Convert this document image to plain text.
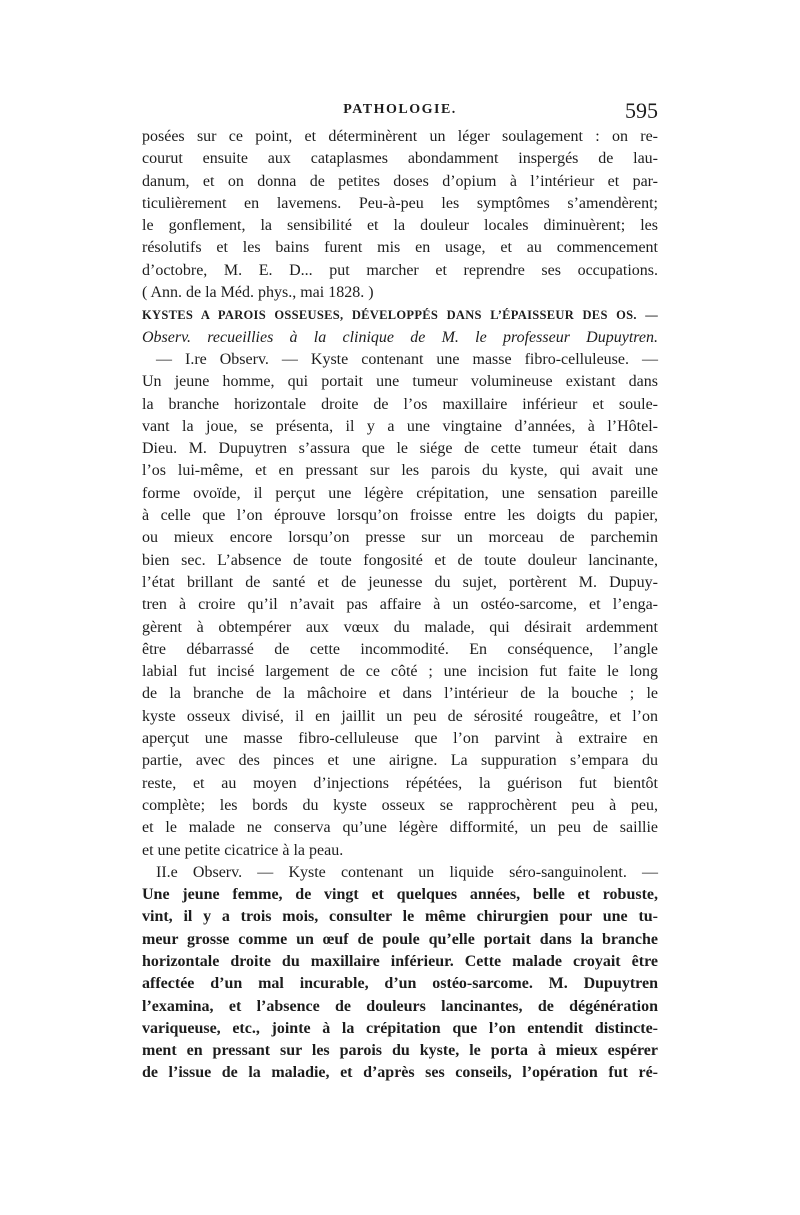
PATHOLOGIE.	595
posées sur ce point, et déterminèrent un léger soulagement : on re-
courut ensuite aux cataplasmes abondamment inspergés de lau-
danum, et on donna de petites doses d’opium à l’intérieur et par-
ticulièrement en lavemens. Peu-à-peu les symptômes s’amendèrent;
le gonflement, la sensibilité et la douleur locales diminuèrent; les
résolutifs et les bains furent mis en usage, et au commencement
d’octobre, M. E. D... put marcher et reprendre ses occupations.
( Ann. de la Méd. phys., mai 1828. )
KYSTES A PAROIS OSSEUSES, DÉVELOPPÉS DANS L’ÉPAISSEUR DES OS. —
Observ. recueillies à la clinique de M. le professeur Dupuytren.
— I.re Observ. — Kyste contenant une masse fibro-celluleuse. —
Un jeune homme, qui portait une tumeur volumineuse existant dans
la branche horizontale droite de l’os maxillaire inférieur et soule-
vant la joue, se présenta, il y a une vingtaine d’années, à l’Hôtel-
Dieu. M. Dupuytren s’assura que le siége de cette tumeur était dans
l’os lui-même, et en pressant sur les parois du kyste, qui avait une
forme ovoïde, il perçut une légère crépitation, une sensation pareille
à celle que l’on éprouve lorsqu’on froisse entre les doigts du papier,
ou mieux encore lorsqu’on presse sur un morceau de parchemin
bien sec. L’absence de toute fongosité et de toute douleur lancinante,
l’état brillant de santé et de jeunesse du sujet, portèrent M. Dupuy-
tren à croire qu’il n’avait pas affaire à un ostéo-sarcome, et l’enga-
gèrent à obtempérer aux vœux du malade, qui désirait ardemment
être débarrassé de cette incommodité. En conséquence, l’angle
labial fut incisé largement de ce côté ; une incision fut faite le long
de la branche de la mâchoire et dans l’intérieur de la bouche ; le
kyste osseux divisé, il en jaillit un peu de sérosité rougeâtre, et l’on
aperçut une masse fibro-celluleuse que l’on parvint à extraire en
partie, avec des pinces et une airigne. La suppuration s’empara du
reste, et au moyen d’injections répétées, la guérison fut bientôt
complète; les bords du kyste osseux se rapprochèrent peu à peu,
et le malade ne conserva qu’une légère difformité, un peu de saillie
et une petite cicatrice à la peau.
II.e Observ. — Kyste contenant un liquide séro-sanguinolent. —
Une jeune femme, de vingt et quelques années, belle et robuste,
vint, il y a trois mois, consulter le même chirurgien pour une tu-
meur grosse comme un œuf de poule qu’elle portait dans la branche
horizontale droite du maxillaire inférieur. Cette malade croyait être
affectée d’un mal incurable, d’un ostéo-sarcome. M. Dupuytren
l’examina, et l’absence de douleurs lancinantes, de dégénération
variqueuse, etc., jointe à la crépitation que l’on entendit distincte-
ment en pressant sur les parois du kyste, le porta à mieux espérer
de l’issue de la maladie, et d’après ses conseils, l’opération fut ré-
